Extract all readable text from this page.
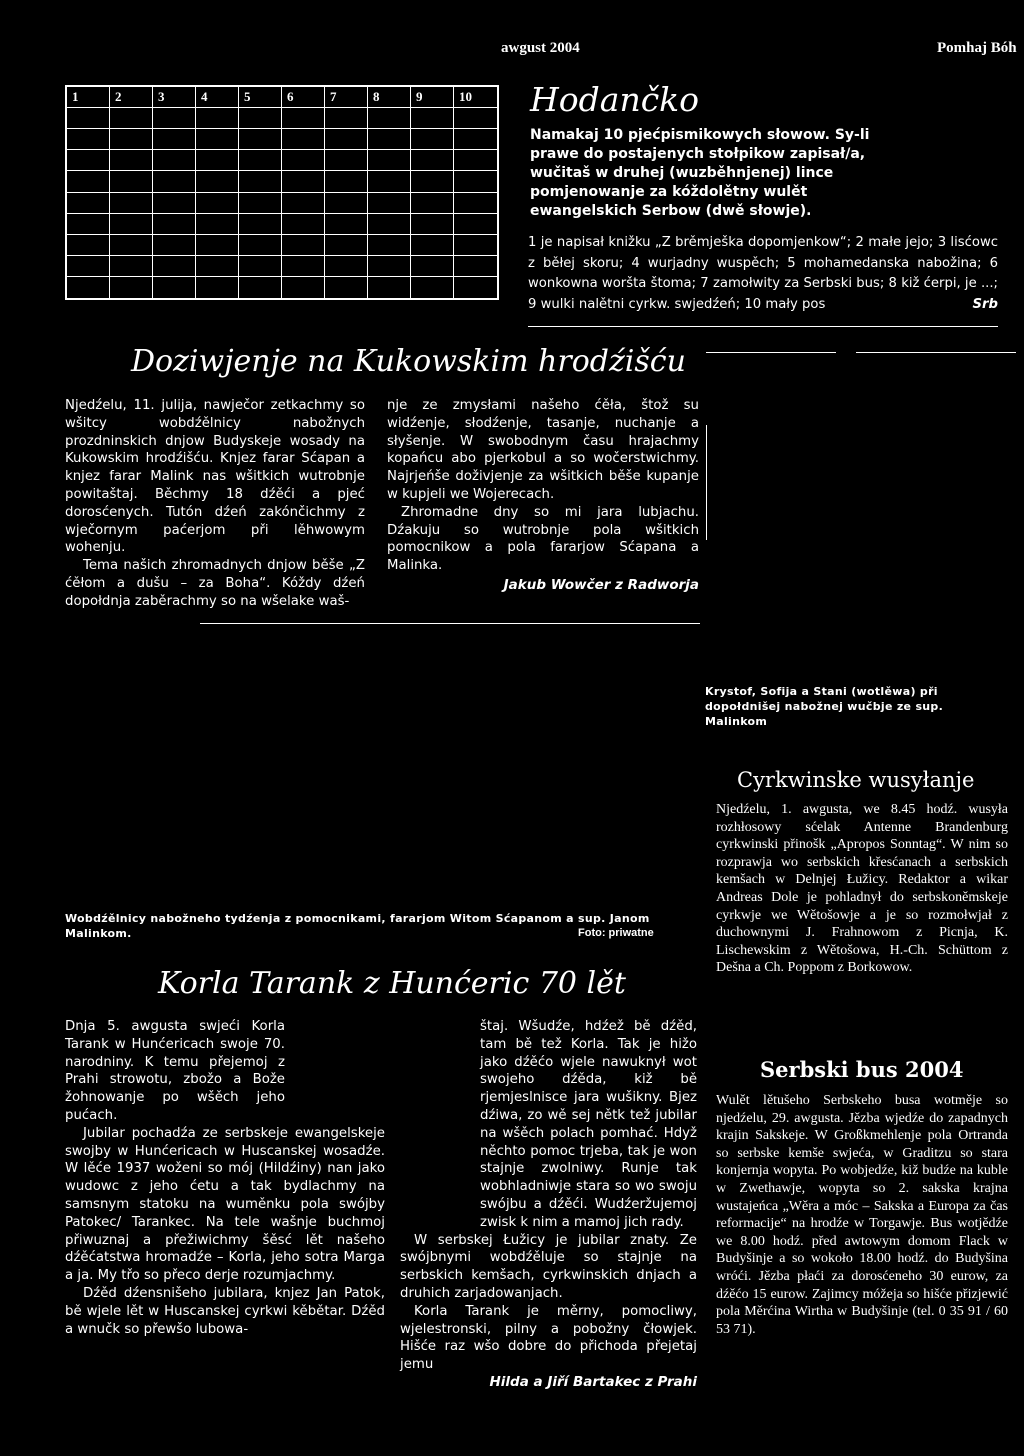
awgust 2004	Pomhaj Bóh
1	2	3	4	5	6	7	8	9	10 Hodančko
Namakaj 10 pjećpismikowych słowow. Sy-li prawe do postajenych stołpikow zapisał/a, wučitaš w druhej (wuzběhnjenej) lince pomjenowanje za kóždolětny wulět ewangelskich Serbow (dwě słowje).
1 je napisał knižku „Z brěmješka dopomjenkow“; 2 małe jejo; 3 lisćowc z běłej skoru; 4 wurjadny wuspěch; 5 mohamedanska nabožina; 6 wonkowna woršta štoma; 7 zamołwity za Serbski bus; 8 kiž ćerpi, je ...; 9 wulki nalětni cyrkw. swjedźeń; 10 mały pos	Srb
Doziwjenje na Kukowskim hrodźišću

Njedźelu, 11. julija, nawječor zetkachmy so wšitcy wobdźělnicy nabožnych prozdninskich dnjow Budyskeje wosady na Kukowskim hrodźišću. Knjez farar Sćapan a knjez farar Malink nas wšitkich wutrobnje powitaštaj. Běchmy 18 dźěći a pjeć dorosćenych. Tutón dźeń zakónčichmy z wječornym paćerjom při lěhwowym wohenju.

Tema našich zhromadnych dnjow běše „Z ćěłom a dušu – za Boha“. Kóždy dźeń dopołdnja zaběrachmy so na wšelake waš-

nje ze zmysłami našeho ćěła, štož su widźenje, słodźenje, tasanje, nuchanje a słyšenje. W swobodnym času hrajachmy kopańcu abo pjerkobul a so wočerstwichmy. Najrjeńše doživjenje za wšitkich běše kupanje w kupjeli we Wojerecach.

Zhromadne dny so mi jara lubjachu. Dźakuju so wutrobnje pola wšitkich pomocnikow a pola fararjow Sćapana a Malinka.

Jakub Wowčer z Radworja

Krystof, Sofija a Stani (wotlěwa) při dopołdnišej nabožnej wučbje ze sup. Malinkom
Wobdźělnicy nabožneho tydźenja z pomocnikami, fararjom Witom Sćapanom a sup. Janom Malinkom.	Foto: priwatne
Korla Tarank z Hunćeric 70 lět

Dnja 5. awgusta swjeći Korla Tarank w Hunćericach swoje 70. narodniny. K temu přejemoj z Prahi strowotu, zbožo a Bože žohnowanje po wšěch jeho pućach.

Jubilar pochadźa ze serbskeje ewangelskeje swojby w Hunćericach w Huscanskej wosadźe. W lěće 1937 woženi so mój (Hildźiny) nan jako wudowc z jeho ćetu a tak bydlachmy na samsnym statoku na wuměnku pola swójby Patokec/ Tarankec. Na tele wašnje buchmoj přiwuznaj a přežiwichmy šěsć lět našeho dźěćatstwa hromadźe – Korla, jeho sotra Marga a ja. My třo so přeco derje rozumjachmy.

Dźěd dźensnišeho jubilara, knjez Jan Patok, bě wjele lět w Huscanskej cyrkwi kěbětar. Dźěd a wnučk so přewšo lubowa-

štaj. Wšudźe, hdźež bě dźěd, tam bě tež Korla. Tak je hižo jako dźěćo wjele nawuknył wot swojeho dźěda, kiž bě rjemjeslnisce jara wušikny. Bjez dźiwa, zo wě sej nětk tež jubilar na wšěch polach pomhać. Hdyž něchto pomoc trjeba, tak je won stajnje zwolniwy. Runje tak wobhladniwje stara so wo swoju swójbu a dźěći. Wudźeržujemoj zwisk k nim a mamoj jich rady.

W serbskej Łužicy je jubilar znaty. Ze swójbnymi wobdźěluje so stajnje na serbskich kemšach, cyrkwinskich dnjach a druhich zarjadowanjach.

Korla Tarank je měrny, pomocliwy, wjelestronski, pilny a pobožny čłowjek. Hišće raz wšo dobre do přichoda přejetaj jemu

Hilda a Jiří Bartakec z Prahi

Cyrkwinske wusyłanje
Njedźelu, 1. awgusta, we 8.45 hodź. wusyła rozhłosowy sćelak Antenne Brandenburg cyrkwinski přinošk „Apropos Sonntag“. W nim so rozprawja wo serbskich křesćanach a serbskich kemšach w Delnjej Łužicy. Redaktor a wikar Andreas Dole je pohladnył do serbskoněmskeje cyrkwje we Wětošowje a je so rozmołwjał z duchownymi J. Frahnowom z Picnja, K. Lischewskim z Wětošowa, H.-Ch. Schüttom z Dešna a Ch. Poppom z Borkowow.
Serbski bus 2004
Wulět lětušeho Serbskeho busa wotměje so njedźelu, 29. awgusta. Jězba wjedźe do zapadnych krajin Sakskeje. W Großkmehlenje pola Ortranda so serbske kemše swjeća, w Graditzu so stara konjernja wopyta. Po wobjedźe, kiž budźe na kuble w Zwethawje, wopyta so 2. sakska krajna wustajeńca „Wěra a móc – Sakska a Europa za čas reformacije“ na hrodźe w Torgawje. Bus wotjědźe we 8.00 hodź. před awtowym domom Flack w Budyšinje a so wokoło 18.00 hodź. do Budyšina wróći. Jězba płaći za dorosćeneho 30 eurow, za dźěćo 15 eurow. Zajimcy móžeja so hišće přizjewić pola Měrćina Wirtha w Budyšinje (tel. 0 35 91 / 60 53 71).
